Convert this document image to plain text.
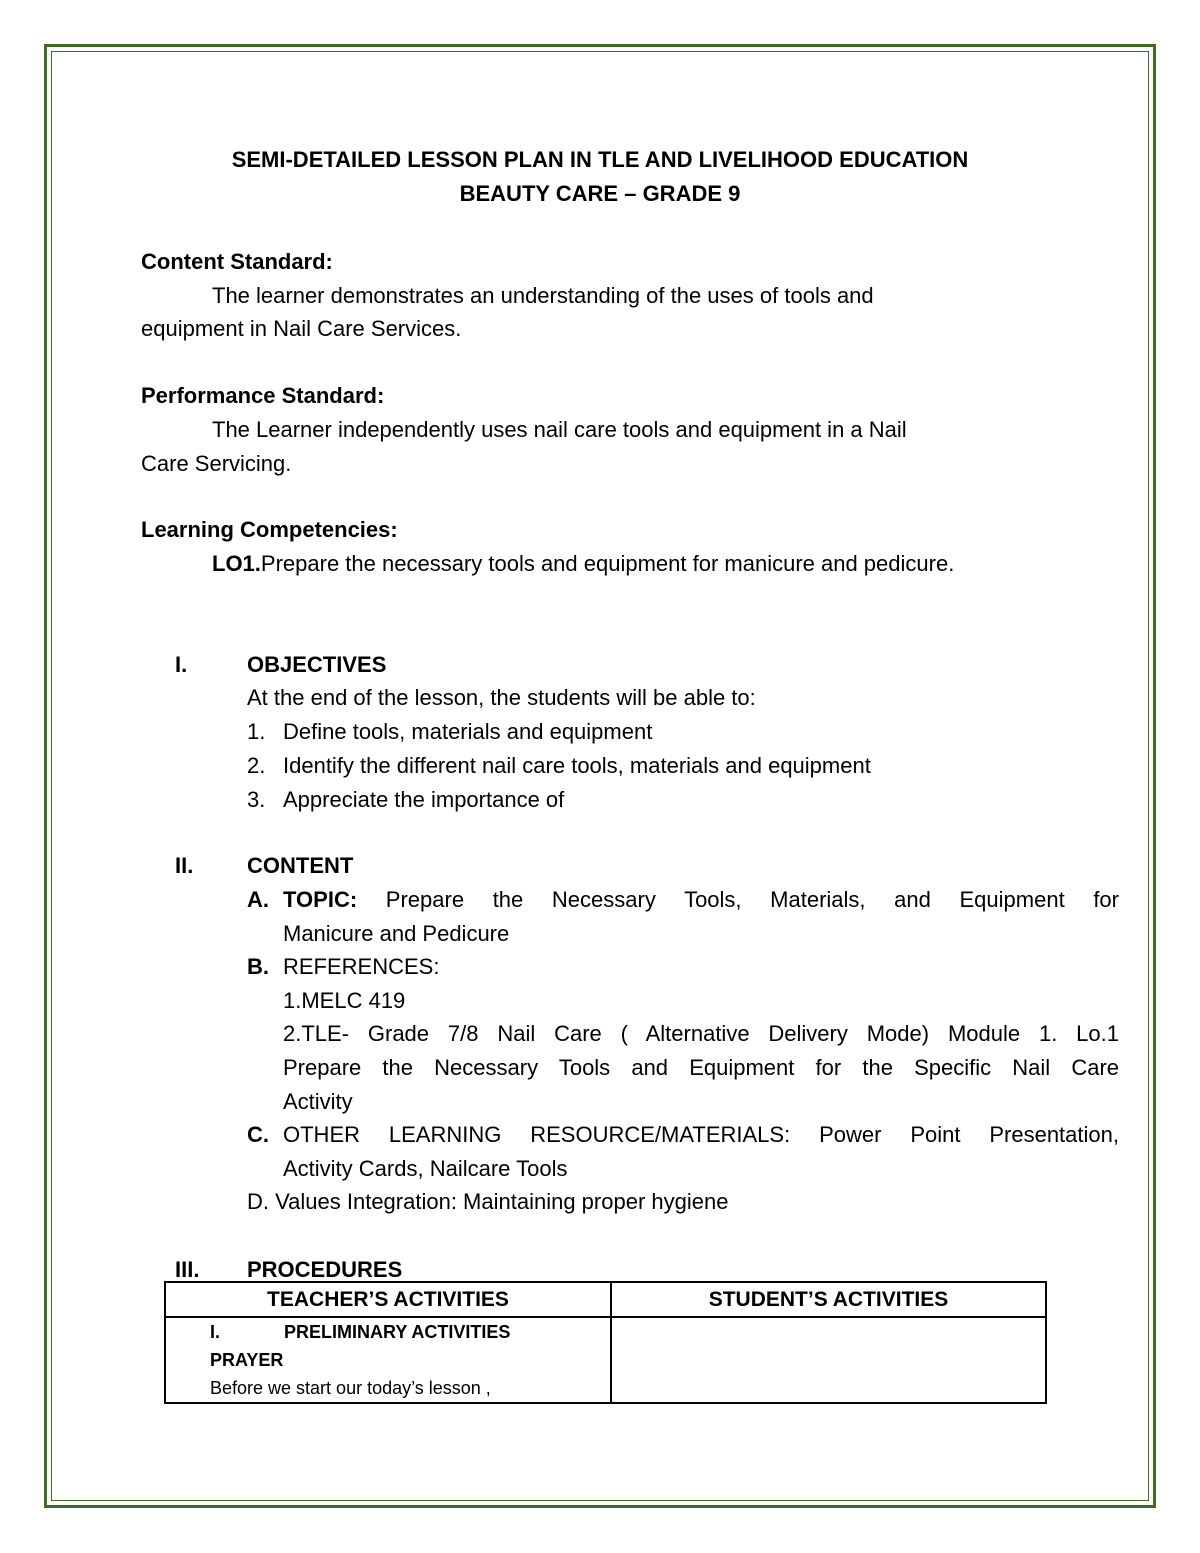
SEMI-DETAILED LESSON PLAN IN TLE AND LIVELIHOOD EDUCATION
BEAUTY CARE – GRADE 9
Content Standard:
The learner demonstrates an understanding of the uses of tools and
equipment in Nail Care Services.
Performance Standard:
The Learner independently uses nail care tools and equipment in a Nail
Care Servicing.
Learning Competencies:
LO1.Prepare the necessary tools and equipment for manicure and pedicure.
I.	OBJECTIVES
At the end of the lesson, the students will be able to:
1. Define tools, materials and equipment
2. Identify the different nail care tools, materials and equipment
3. Appreciate the importance of
II. CONTENT
A. TOPIC: Prepare the Necessary Tools, Materials, and Equipment for
Manicure and Pedicure
B. REFERENCES:
1.MELC 419
2.TLE- Grade 7/8 Nail Care ( Alternative Delivery Mode) Module 1. Lo.1
Prepare the Necessary Tools and Equipment for the Specific Nail Care
Activity
C. OTHER LEARNING RESOURCE/MATERIALS: Power Point Presentation,
Activity Cards, Nailcare Tools
D. Values Integration: Maintaining proper hygiene
III. PROCEDURES
TEACHER’S ACTIVITIES	STUDENT’S ACTIVITIES

I. PRELIMINARY ACTIVITIES
PRAYER
Before we start our today’s lesson ,	
